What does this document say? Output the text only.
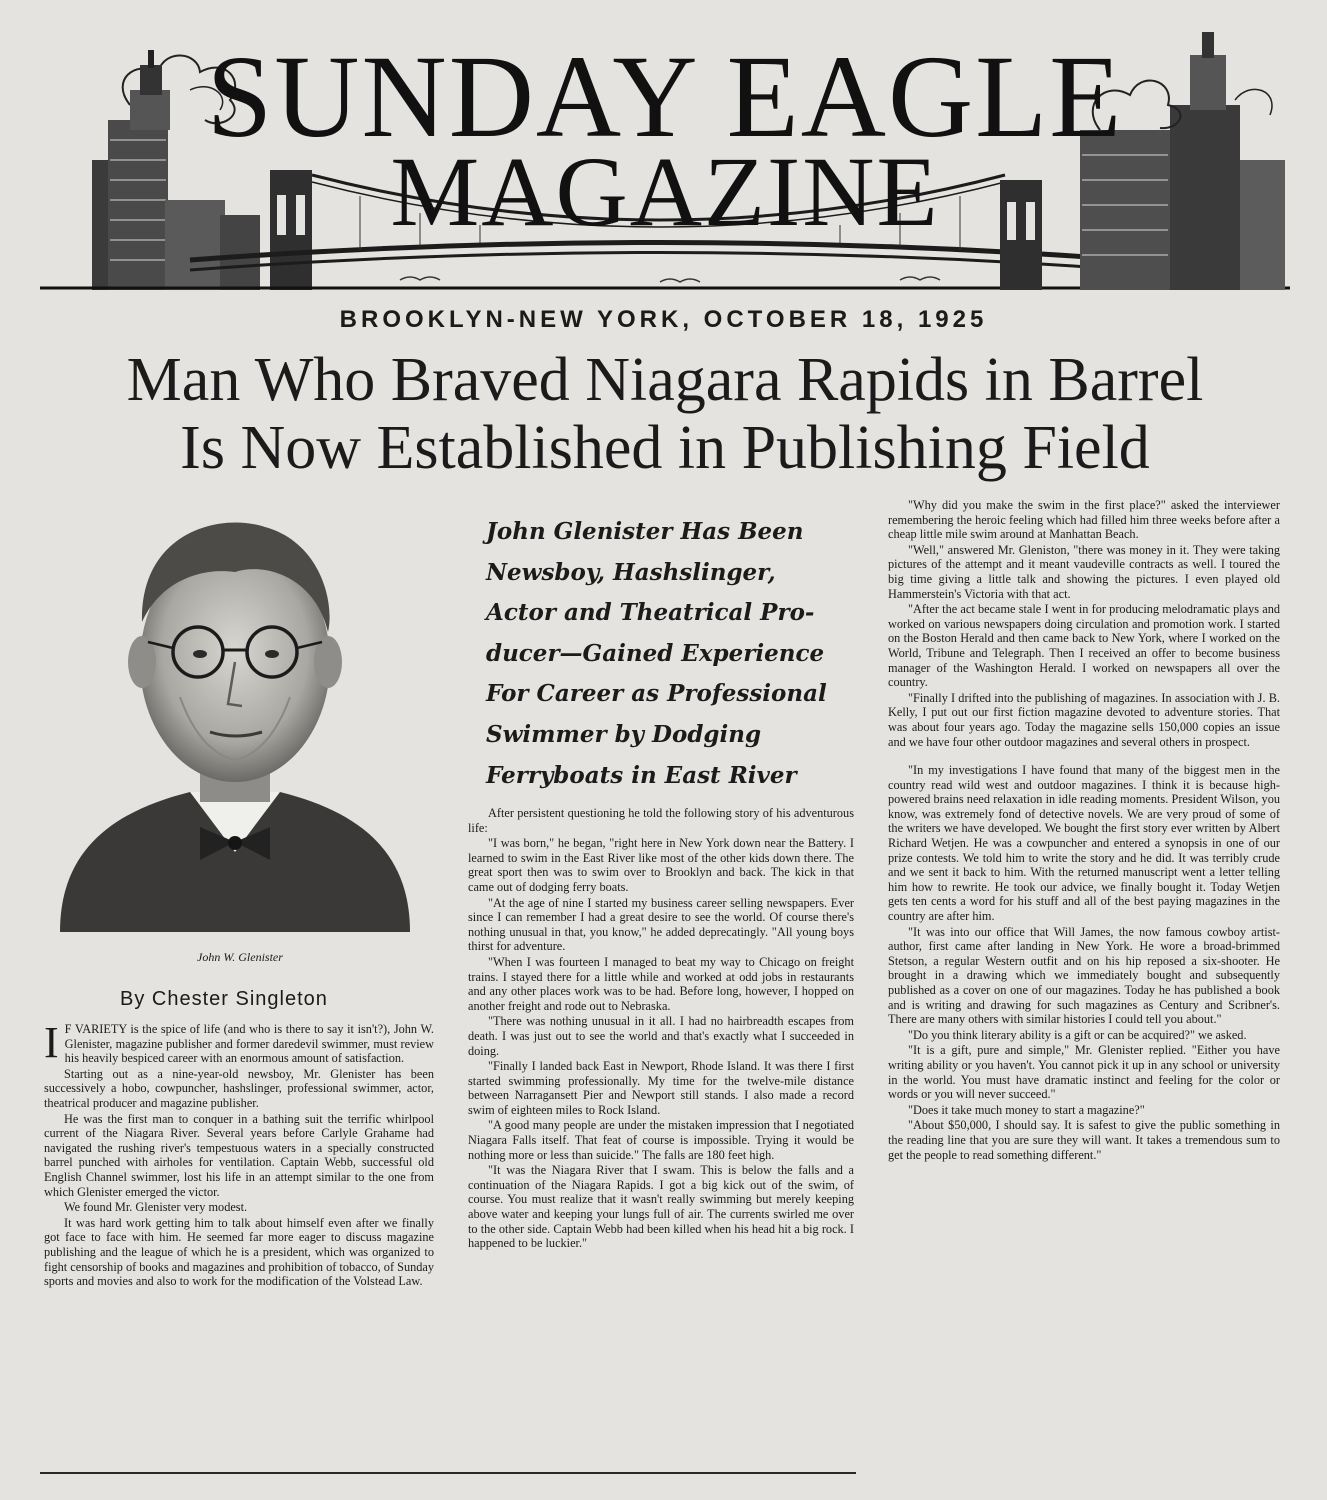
SUNDAY EAGLE
MAGAZINE
BROOKLYN-NEW YORK, OCTOBER 18, 1925
Man Who Braved Niagara Rapids in Barrel
Is Now Established in Publishing Field
John W. Glenister
By Chester Singleton
John Glenister Has Been
Newsboy, Hashslinger,
Actor and Theatrical Pro-
ducer—Gained Experience
For Career as Professional
Swimmer by Dodging
Ferryboats in East River
I F VARIETY is the spice of life (and who is there to say it isn't?), John W. Glenister, magazine publisher and former daredevil swimmer, must review his heavily bespiced career with an enormous amount of satisfaction.

Starting out as a nine-year-old newsboy, Mr. Glenister has been successively a hobo, cowpuncher, hashslinger, professional swimmer, actor, theatrical producer and magazine publisher.

He was the first man to conquer in a bathing suit the terrific whirlpool current of the Niagara River. Several years before Carlyle Grahame had navigated the rushing river's tempestuous waters in a specially constructed barrel punched with airholes for ventilation. Captain Webb, successful old English Channel swimmer, lost his life in an attempt similar to the one from which Glenister emerged the victor.

We found Mr. Glenister very modest.

It was hard work getting him to talk about himself even after we finally got face to face with him. He seemed far more eager to discuss magazine publishing and the league of which he is a president, which was organized to fight censorship of books and magazines and prohibition of tobacco, of Sunday sports and movies and also to work for the modification of the Volstead Law.

After persistent questioning he told the following story of his adventurous life:

"I was born," he began, "right here in New York down near the Battery. I learned to swim in the East River like most of the other kids down there. The great sport then was to swim over to Brooklyn and back. The kick in that came out of dodging ferry boats.

"At the age of nine I started my business career selling newspapers. Ever since I can remember I had a great desire to see the world. Of course there's nothing unusual in that, you know," he added deprecatingly. "All young boys thirst for adventure.

"When I was fourteen I managed to beat my way to Chicago on freight trains. I stayed there for a little while and worked at odd jobs in restaurants and any other places work was to be had. Before long, however, I hopped on another freight and rode out to Nebraska.

"There was nothing unusual in it all. I had no hairbreadth escapes from death. I was just out to see the world and that's exactly what I succeeded in doing.

"Finally I landed back East in Newport, Rhode Island. It was there I first started swimming professionally. My time for the twelve-mile distance between Narragansett Pier and Newport still stands. I also made a record swim of eighteen miles to Rock Island.

"A good many people are under the mistaken impression that I negotiated Niagara Falls itself. That feat of course is impossible. Trying it would be nothing more or less than suicide." The falls are 180 feet high.

"It was the Niagara River that I swam. This is below the falls and a continuation of the Niagara Rapids. I got a big kick out of the swim, of course. You must realize that it wasn't really swimming but merely keeping above water and keeping your lungs full of air. The currents swirled me over to the other side. Captain Webb had been killed when his head hit a big rock. I happened to be luckier."

"Why did you make the swim in the first place?" asked the interviewer remembering the heroic feeling which had filled him three weeks before after a cheap little mile swim around at Manhattan Beach.

"Well," answered Mr. Gleniston, "there was money in it. They were taking pictures of the attempt and it meant vaudeville contracts as well. I toured the big time giving a little talk and showing the pictures. I even played old Hammerstein's Victoria with that act.

"After the act became stale I went in for producing melodramatic plays and worked on various newspapers doing circulation and promotion work. I started on the Boston Herald and then came back to New York, where I worked on the World, Tribune and Telegraph. Then I received an offer to become business manager of the Washington Herald. I worked on newspapers all over the country.

"Finally I drifted into the publishing of magazines. In association with J. B. Kelly, I put out our first fiction magazine devoted to adventure stories. That was about four years ago. Today the magazine sells 150,000 copies an issue and we have four other outdoor magazines and several others in prospect.

"In my investigations I have found that many of the biggest men in the country read wild west and outdoor magazines. I think it is because high-powered brains need relaxation in idle reading moments. President Wilson, you know, was extremely fond of detective novels. We are very proud of some of the writers we have developed. We bought the first story ever written by Albert Richard Wetjen. He was a cowpuncher and entered a synopsis in one of our prize contests. We told him to write the story and he did. It was terribly crude and we sent it back to him. With the returned manuscript went a letter telling him how to rewrite. He took our advice, we finally bought it. Today Wetjen gets ten cents a word for his stuff and all of the best paying magazines in the country are after him.

"It was into our office that Will James, the now famous cowboy artist-author, first came after landing in New York. He wore a broad-brimmed Stetson, a regular Western outfit and on his hip reposed a six-shooter. He brought in a drawing which we immediately bought and subsequently published as a cover on one of our magazines. Today he has published a book and is writing and drawing for such magazines as Century and Scribner's. There are many others with similar histories I could tell you about."

"Do you think literary ability is a gift or can be acquired?" we asked.

"It is a gift, pure and simple," Mr. Glenister replied. "Either you have writing ability or you haven't. You cannot pick it up in any school or university in the world. You must have dramatic instinct and feeling for the color or words or you will never succeed."

"Does it take much money to start a magazine?"

"About $50,000, I should say. It is safest to give the public something in the reading line that you are sure they will want. It takes a tremendous sum to get the people to read something different."
